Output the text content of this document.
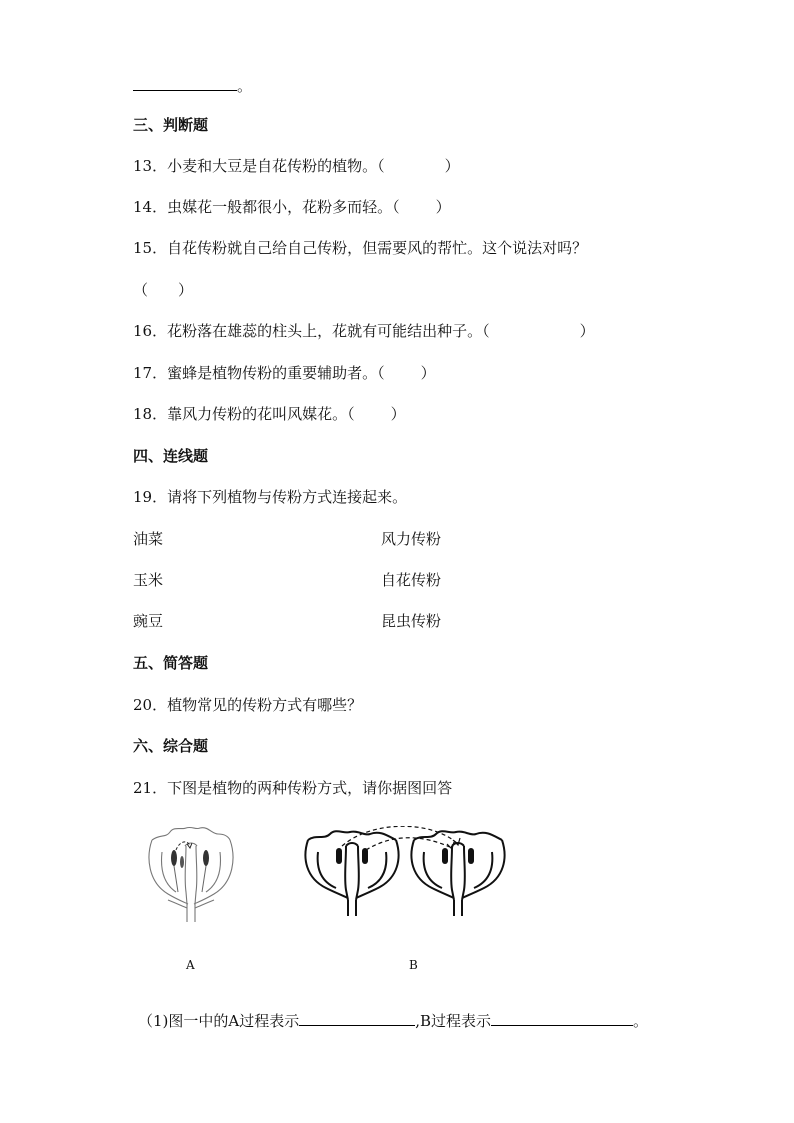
。
三、判断题
13．小麦和大豆是自花传粉的植物。（	）
14．虫媒花一般都很小，花粉多而轻。（ ）
15．自花传粉就自己给自己传粉，但需要风的帮忙。这个说法对吗？
（ ）
16．花粉落在雄蕊的柱头上，花就有可能结出种子。（	）
17．蜜蜂是植物传粉的重要辅助者。（ ）
18．靠风力传粉的花叫风媒花。（ ）
四、连线题
19．请将下列植物与传粉方式连接起来。
油菜	风力传粉
玉米	自花传粉
豌豆	昆虫传粉
五、简答题
20．植物常见的传粉方式有哪些？
六、综合题
21．下图是植物的两种传粉方式，请你据图回答
A	B
（1)图一中的A过程表示	,B过程表示	。
